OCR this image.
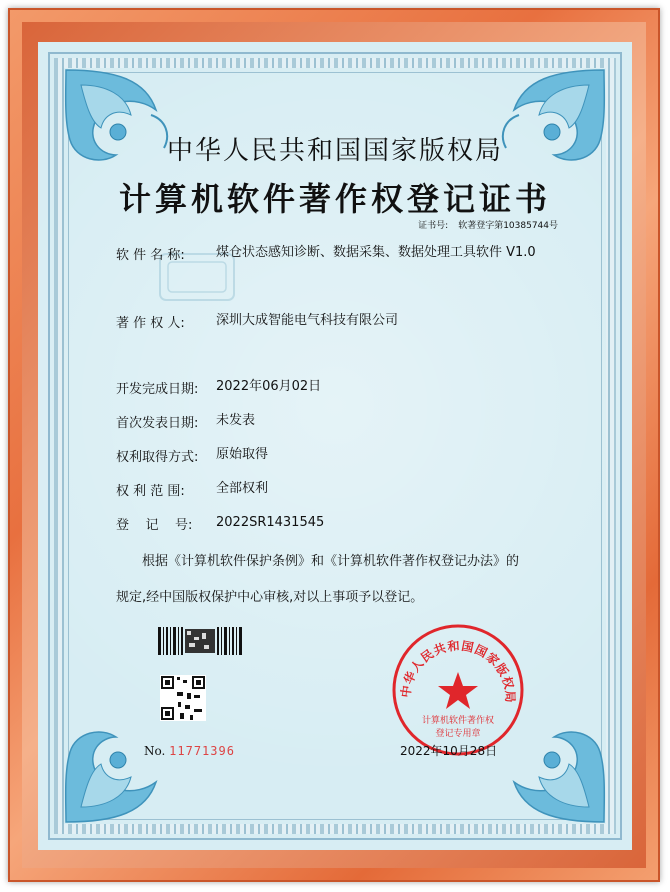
中华人民共和国国家版权局
计算机软件著作权登记证书
证书号: 软著登字第10385744号
软 件 名 称: 煤仓状态感知诊断、数据采集、数据处理工具软件 V1.0
著 作 权 人: 深圳大成智能电气科技有限公司
开发完成日期: 2022年06月02日
首次发表日期: 未发表
权利取得方式: 原始取得
权 利 范 围: 全部权利
登    记    号: 2022SR1431545
根据《计算机软件保护条例》和《计算机软件著作权登记办法》的
规定,经中国版权保护中心审核,对以上事项予以登记。
No. 11771396
中华人民共和国国家版权局
计算机软件著作权
登记专用章
2022年10月28日
